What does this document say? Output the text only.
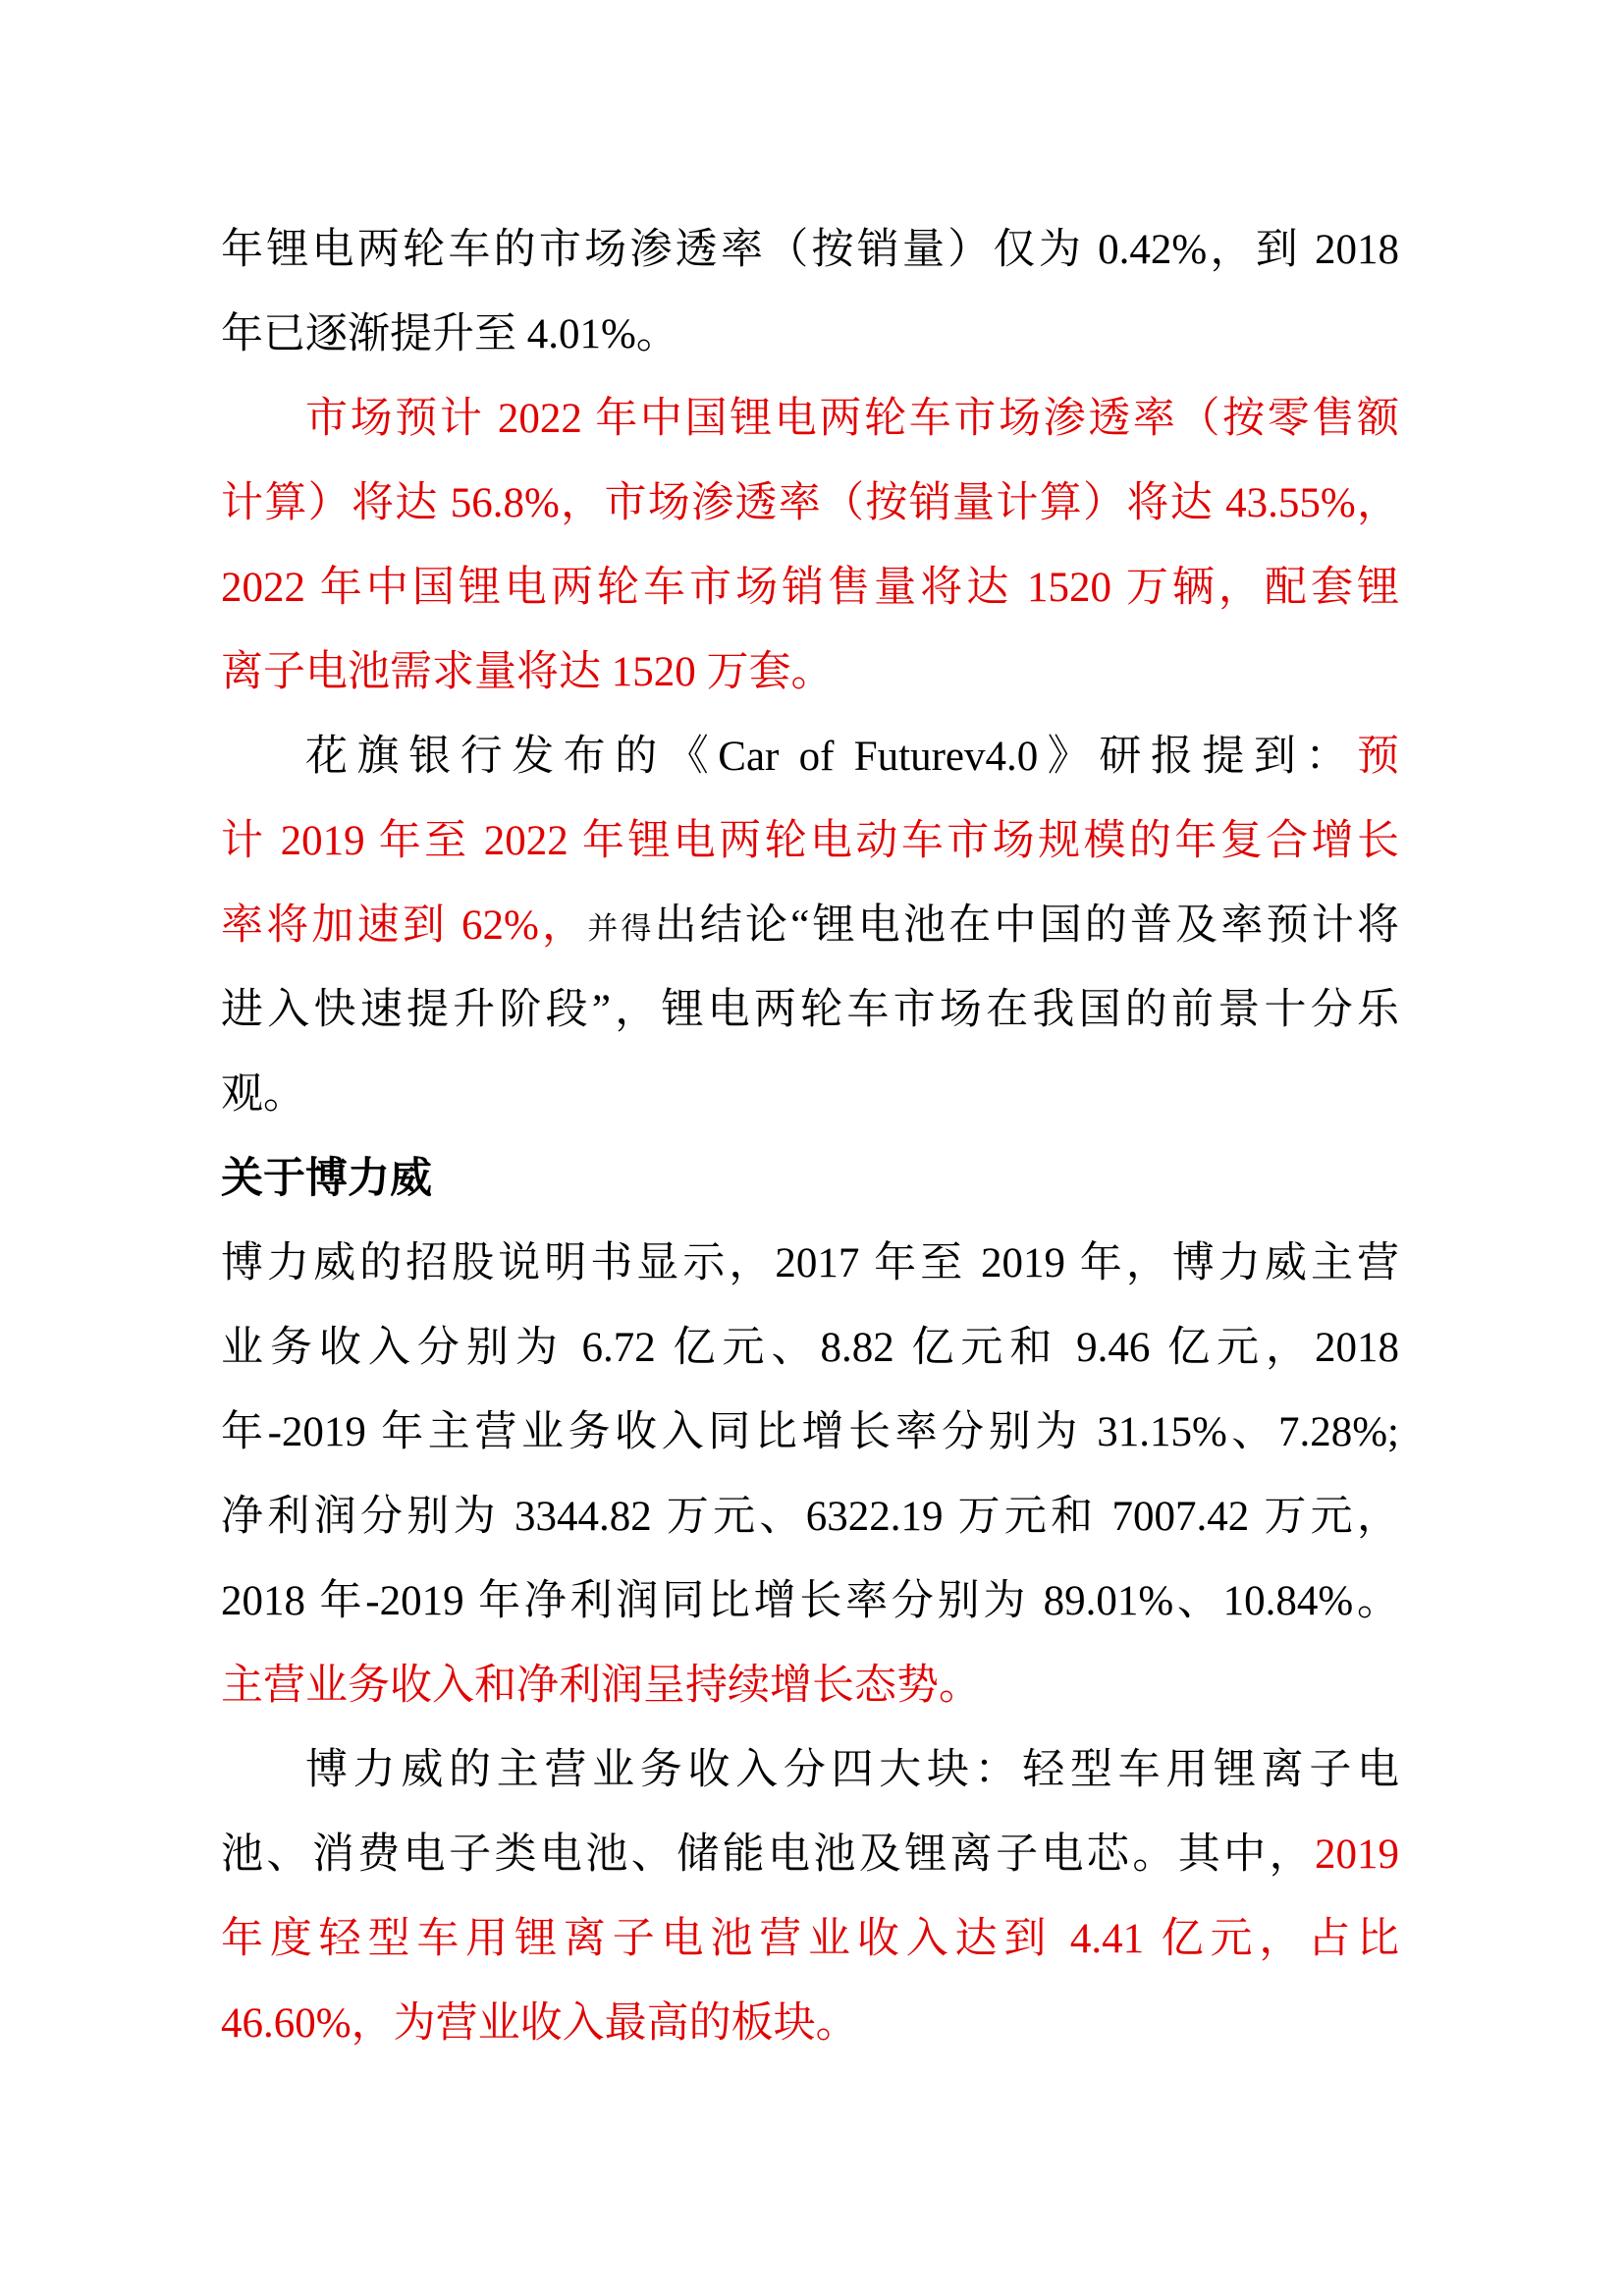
年锂电两轮车的市场渗透率（按销量）仅为 0.42%，到 2018
年已逐渐提升至 4.01%。
市场预计 2022 年中国锂电两轮车市场渗透率（按零售额
计算）将达 56.8%，市场渗透率（按销量计算）将达 43.55%，
2022 年中国锂电两轮车市场销售量将达 1520 万辆，配套锂
离子电池需求量将达 1520 万套。
花旗银行发布的《Car of Futurev4.0》研报提到：预
计 2019 年至 2022 年锂电两轮电动车市场规模的年复合增长
率将加速到 62%，并得出结论“锂电池在中国的普及率预计将
进入快速提升阶段”，锂电两轮车市场在我国的前景十分乐
观。
关于博力威
博力威的招股说明书显示，2017 年至 2019 年，博力威主营
业务收入分别为 6.72 亿元、8.82 亿元和 9.46 亿元，2018
年-2019 年主营业务收入同比增长率分别为 31.15%、7.28%;
净利润分别为 3344.82 万元、6322.19 万元和 7007.42 万元，
2018 年-2019 年净利润同比增长率分别为 89.01%、10.84%。
主营业务收入和净利润呈持续增长态势。
博力威的主营业务收入分四大块：轻型车用锂离子电
池、消费电子类电池、储能电池及锂离子电芯。其中，2019
年度轻型车用锂离子电池营业收入达到 4.41 亿元，占比
46.60%，为营业收入最高的板块。
